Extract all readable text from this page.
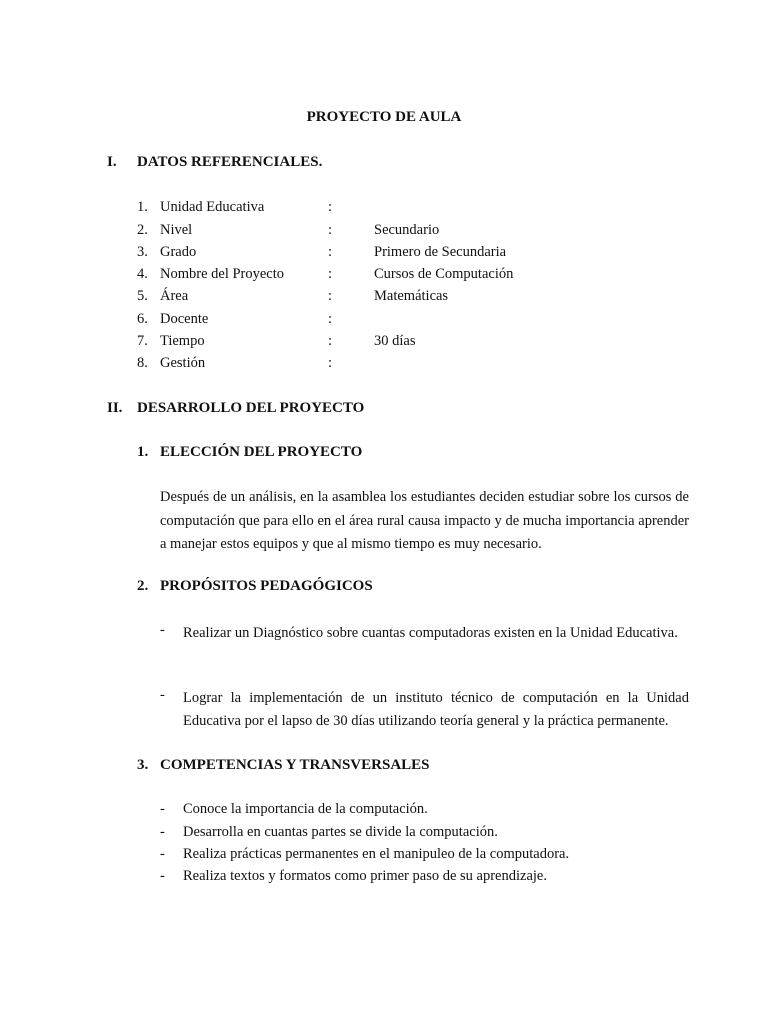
PROYECTO DE AULA
I. DATOS REFERENCIALES.
1. Unidad Educativa	:
2. Nivel	:	Secundario
3. Grado	:	Primero de Secundaria
4. Nombre del Proyecto	:	Cursos de Computación
5. Área	:	Matemáticas
6. Docente	:
7. Tiempo	:	30 días
8. Gestión	:
II. DESARROLLO DEL PROYECTO
1. ELECCIÓN DEL PROYECTO

Después de un análisis, en la asamblea los estudiantes deciden estudiar sobre los cursos de computación que para ello en el área rural causa impacto y de mucha importancia aprender a manejar estos equipos y que al mismo tiempo es muy necesario.

2. PROPÓSITOS PEDAGÓGICOS
- Realizar un Diagnóstico sobre cuantas computadoras existen en la Unidad Educativa.

- Lograr la implementación de un instituto técnico de computación en la Unidad Educativa por el lapso de 30 días utilizando teoría general y la práctica permanente.

3. COMPETENCIAS Y TRANSVERSALES
- Conoce la importancia de la computación.
- Desarrolla en cuantas partes se divide la computación.
- Realiza prácticas permanentes en el manipuleo de la computadora.
- Realiza textos y formatos como primer paso de su aprendizaje.
